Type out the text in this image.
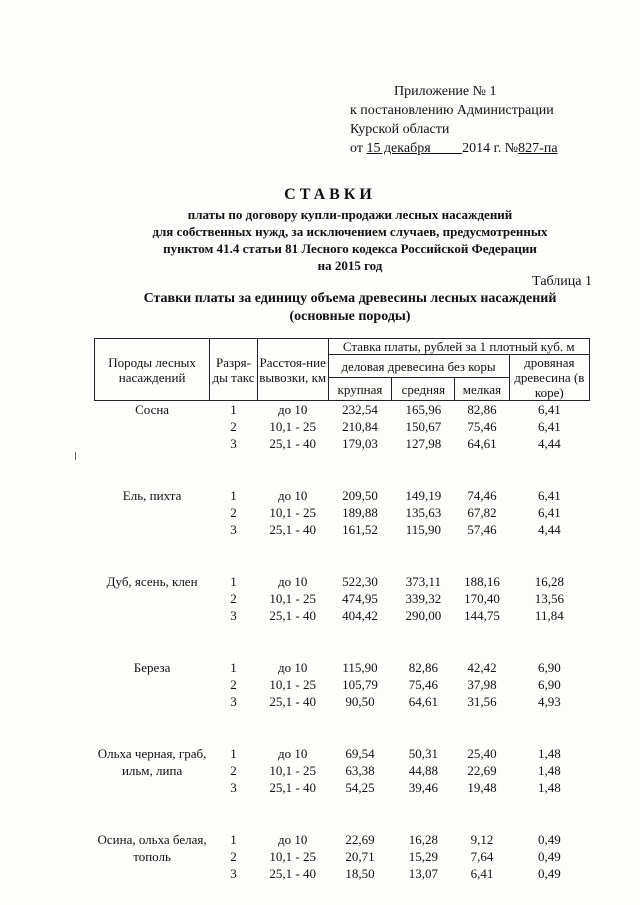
Приложение № 1
к постановлению Администрации
Курской области
от 15 декабря 2014 г. №827-па
СТАВКИ
платы по договору купли-продажи лесных насаждений
для собственных нужд, за исключением случаев, предусмотренных
пунктом 41.4 статьи 81 Лесного кодекса Российской Федерации
на 2015 год
Таблица 1
Ставки платы за единицу объема древесины лесных насаждений
(основные породы)
Породы лесных насаждений	Разря-ды такс	Расстоя-ние вывозки, км	Ставка платы, рублей за 1 плотный куб. м			
			деловая древесина без коры			дровяная древесина (в коре)
			крупная	средняя	мелкая	
Сосна	1	до 10	232,54	165,96	82,86	6,41
	2	10,1 - 25	210,84	150,67	75,46	6,41
	3	25,1 - 40	179,03	127,98	64,61	4,44

Ель, пихта	1	до 10	209,50	149,19	74,46	6,41
	2	10,1 - 25	189,88	135,63	67,82	6,41
	3	25,1 - 40	161,52	115,90	57,46	4,44

Дуб, ясень, клен	1	до 10	522,30	373,11	188,16	16,28
	2	10,1 - 25	474,95	339,32	170,40	13,56
	3	25,1 - 40	404,42	290,00	144,75	11,84

Береза	1	до 10	115,90	82,86	42,42	6,90
	2	10,1 - 25	105,79	75,46	37,98	6,90
	3	25,1 - 40	90,50	64,61	31,56	4,93

Ольха черная, граб, ильм, липа	1	до 10	69,54	50,31	25,40	1,48
	2	10,1 - 25	63,38	44,88	22,69	1,48
	3	25,1 - 40	54,25	39,46	19,48	1,48

Осина, ольха белая, тополь	1	до 10	22,69	16,28	9,12	0,49
	2	10,1 - 25	20,71	15,29	7,64	0,49
	3	25,1 - 40	18,50	13,07	6,41	0,49
